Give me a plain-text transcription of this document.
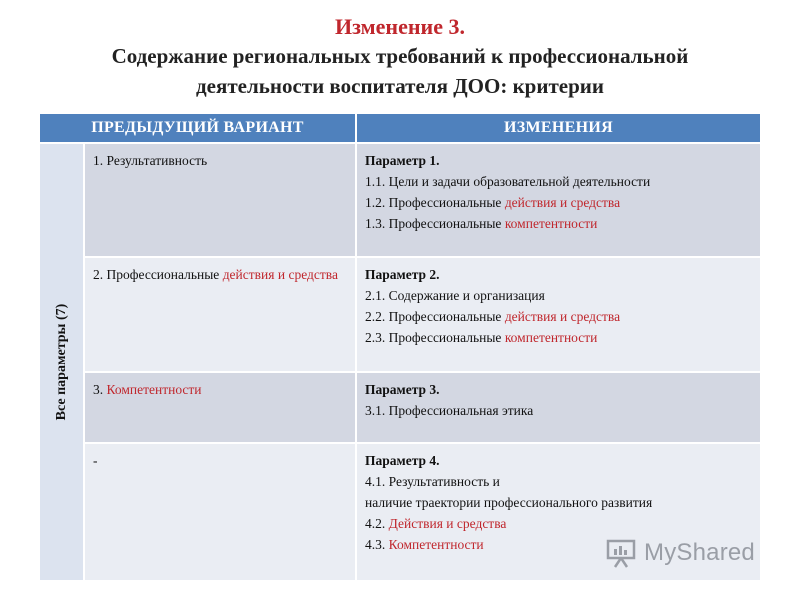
Изменение 3.
Содержание региональных требований к профессиональной
деятельности воспитателя ДОО: критерии
ПРЕДЫДУЩИЙ ВАРИАНТ	ИЗМЕНЕНИЯ
Все параметры (7)
1. Результативность	Параметр 1.
1.1. Цели и задачи образовательной деятельности
1.2. Профессиональные действия и средства
1.3. Профессиональные компетентности
2. Профессиональные действия и средства	Параметр 2.
2.1. Содержание и организация
2.2. Профессиональные действия и средства
2.3. Профессиональные компетентности
3. Компетентности	Параметр 3.
3.1. Профессиональная этика
-	Параметр 4.
4.1. Результативность и
наличие траектории профессионального развития
4.2. Действия и средства
4.3. Компетентности	MyShared
